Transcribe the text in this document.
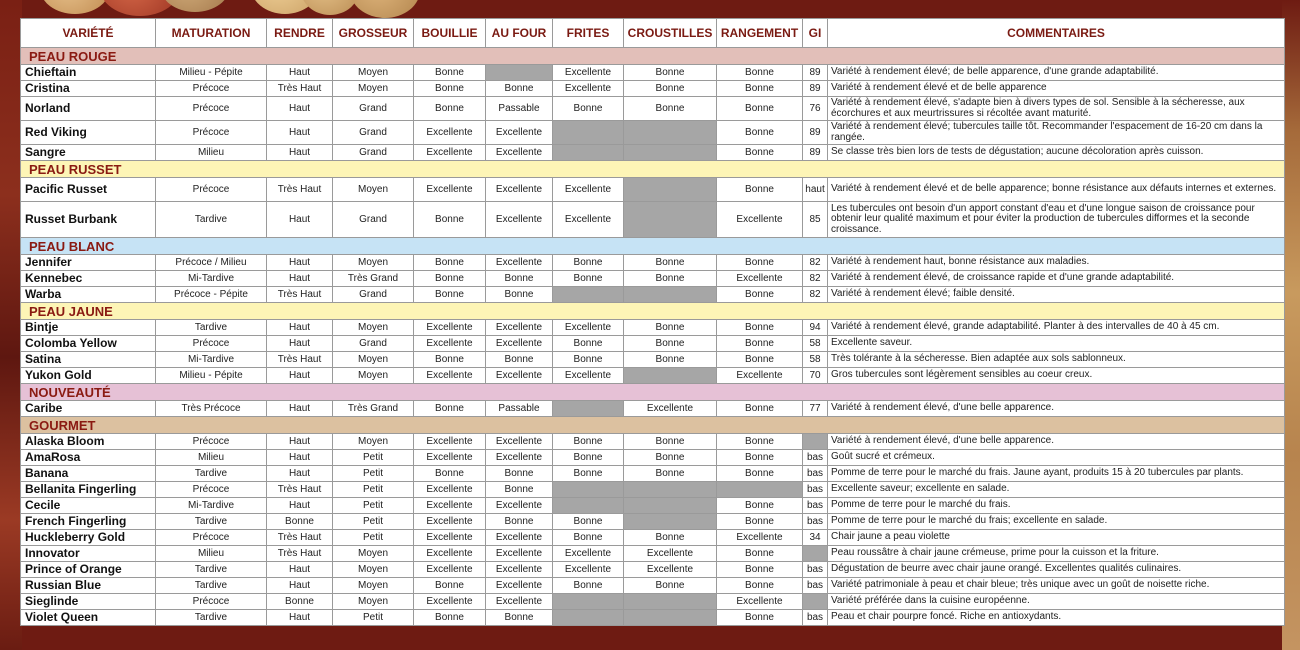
VARIÉTÉ	MATURATION	RENDRE	GROSSEUR	BOUILLIE	AU FOUR	FRITES	CROUSTILLES	RANGEMENT	GI	COMMENTAIRES
PEAU ROUGE										
Chieftain	Milieu - Pépite	Haut	Moyen	Bonne		Excellente	Bonne	Bonne	89	Variété à rendement élevé; de belle apparence, d'une grande adaptabilité.
Cristina	Précoce	Très Haut	Moyen	Bonne	Bonne	Excellente	Bonne	Bonne	89	Variété à rendement élevé et de belle apparence
Norland	Précoce	Haut	Grand	Bonne	Passable	Bonne	Bonne	Bonne	76	Variété à rendement élevé, s'adapte bien à divers types de sol. Sensible à la sécheresse, aux écorchures et aux meurtrissures si récoltée avant maturité.
Red Viking	Précoce	Haut	Grand	Excellente	Excellente			Bonne	89	Variété à rendement élevé; tubercules taille tôt. Recommander l'espacement de 16-20 cm dans la rangée.
Sangre	Milieu	Haut	Grand	Excellente	Excellente			Bonne	89	Se classe très bien lors de tests de dégustation; aucune décoloration après cuisson.
PEAU RUSSET										
Pacific Russet	Précoce	Très Haut	Moyen	Excellente	Excellente	Excellente		Bonne	haut	Variété à rendement élevé et de belle apparence; bonne résistance aux défauts internes et externes.
Russet Burbank	Tardive	Haut	Grand	Bonne	Excellente	Excellente		Excellente	85	Les tubercules ont besoin d'un apport constant d'eau et d'une longue saison de croissance pour obtenir leur qualité maximum et pour éviter la production de tubercules difformes et la seconde croissance.
PEAU BLANC										
Jennifer	Précoce / Milieu	Haut	Moyen	Bonne	Excellente	Bonne	Bonne	Bonne	82	Variété à rendement haut, bonne résistance aux maladies.
Kennebec	Mi-Tardive	Haut	Très Grand	Bonne	Bonne	Bonne	Bonne	Excellente	82	Variété à rendement élevé, de croissance rapide et d'une grande adaptabilité.
Warba	Précoce - Pépite	Très Haut	Grand	Bonne	Bonne			Bonne	82	Variété à rendement élevé; faible densité.
PEAU JAUNE										
Bintje	Tardive	Haut	Moyen	Excellente	Excellente	Excellente	Bonne	Bonne	94	Variété à rendement élevé, grande adaptabilité. Planter à des intervalles de 40 à 45 cm.
Colomba Yellow	Précoce	Haut	Grand	Excellente	Excellente	Bonne	Bonne	Bonne	58	Excellente saveur.
Satina	Mi-Tardive	Très Haut	Moyen	Bonne	Bonne	Bonne	Bonne	Bonne	58	Très tolérante à la sécheresse. Bien adaptée aux sols sablonneux.
Yukon Gold	Milieu - Pépite	Haut	Moyen	Excellente	Excellente	Excellente		Excellente	70	Gros tubercules sont légèrement sensibles au coeur creux.
NOUVEAUTÉ										
Caribe	Très Précoce	Haut	Très Grand	Bonne	Passable		Excellente	Bonne	77	Variété à rendement élevé, d'une belle apparence.
GOURMET										
Alaska Bloom	Précoce	Haut	Moyen	Excellente	Excellente	Bonne	Bonne	Bonne		Variété à rendement élevé, d'une belle apparence.
AmaRosa	Milieu	Haut	Petit	Excellente	Excellente	Bonne	Bonne	Bonne	bas	Goût sucré et crémeux.
Banana	Tardive	Haut	Petit	Bonne	Bonne	Bonne	Bonne	Bonne	bas	Pomme de terre pour le marché du frais. Jaune ayant, produits 15 à 20 tubercules par plants.
Bellanita Fingerling	Précoce	Très Haut	Petit	Excellente	Bonne				bas	Excellente saveur; excellente en salade.
Cecile	Mi-Tardive	Haut	Petit	Excellente	Excellente			Bonne	bas	Pomme de terre pour le marché du frais.
French Fingerling	Tardive	Bonne	Petit	Excellente	Bonne	Bonne		Bonne	bas	Pomme de terre pour le marché du frais; excellente en salade.
Huckleberry Gold	Précoce	Très Haut	Petit	Excellente	Excellente	Bonne	Bonne	Excellente	34	Chair jaune a peau violette
Innovator	Milieu	Très Haut	Moyen	Excellente	Excellente	Excellente	Excellente	Bonne		Peau roussâtre à chair jaune crémeuse, prime pour la cuisson et la friture.
Prince of Orange	Tardive	Haut	Moyen	Excellente	Excellente	Excellente	Excellente	Bonne	bas	Dégustation de beurre avec chair jaune orangé. Excellentes qualités culinaires.
Russian Blue	Tardive	Haut	Moyen	Bonne	Excellente	Bonne	Bonne	Bonne	bas	Variété patrimoniale à peau et chair bleue; très unique avec un goût de noisette riche.
Sieglinde	Précoce	Bonne	Moyen	Excellente	Excellente			Excellente		Variété préférée dans la cuisine européenne.
Violet Queen	Tardive	Haut	Petit	Bonne	Bonne			Bonne	bas	Peau et chair pourpre foncé. Riche en antioxydants.
